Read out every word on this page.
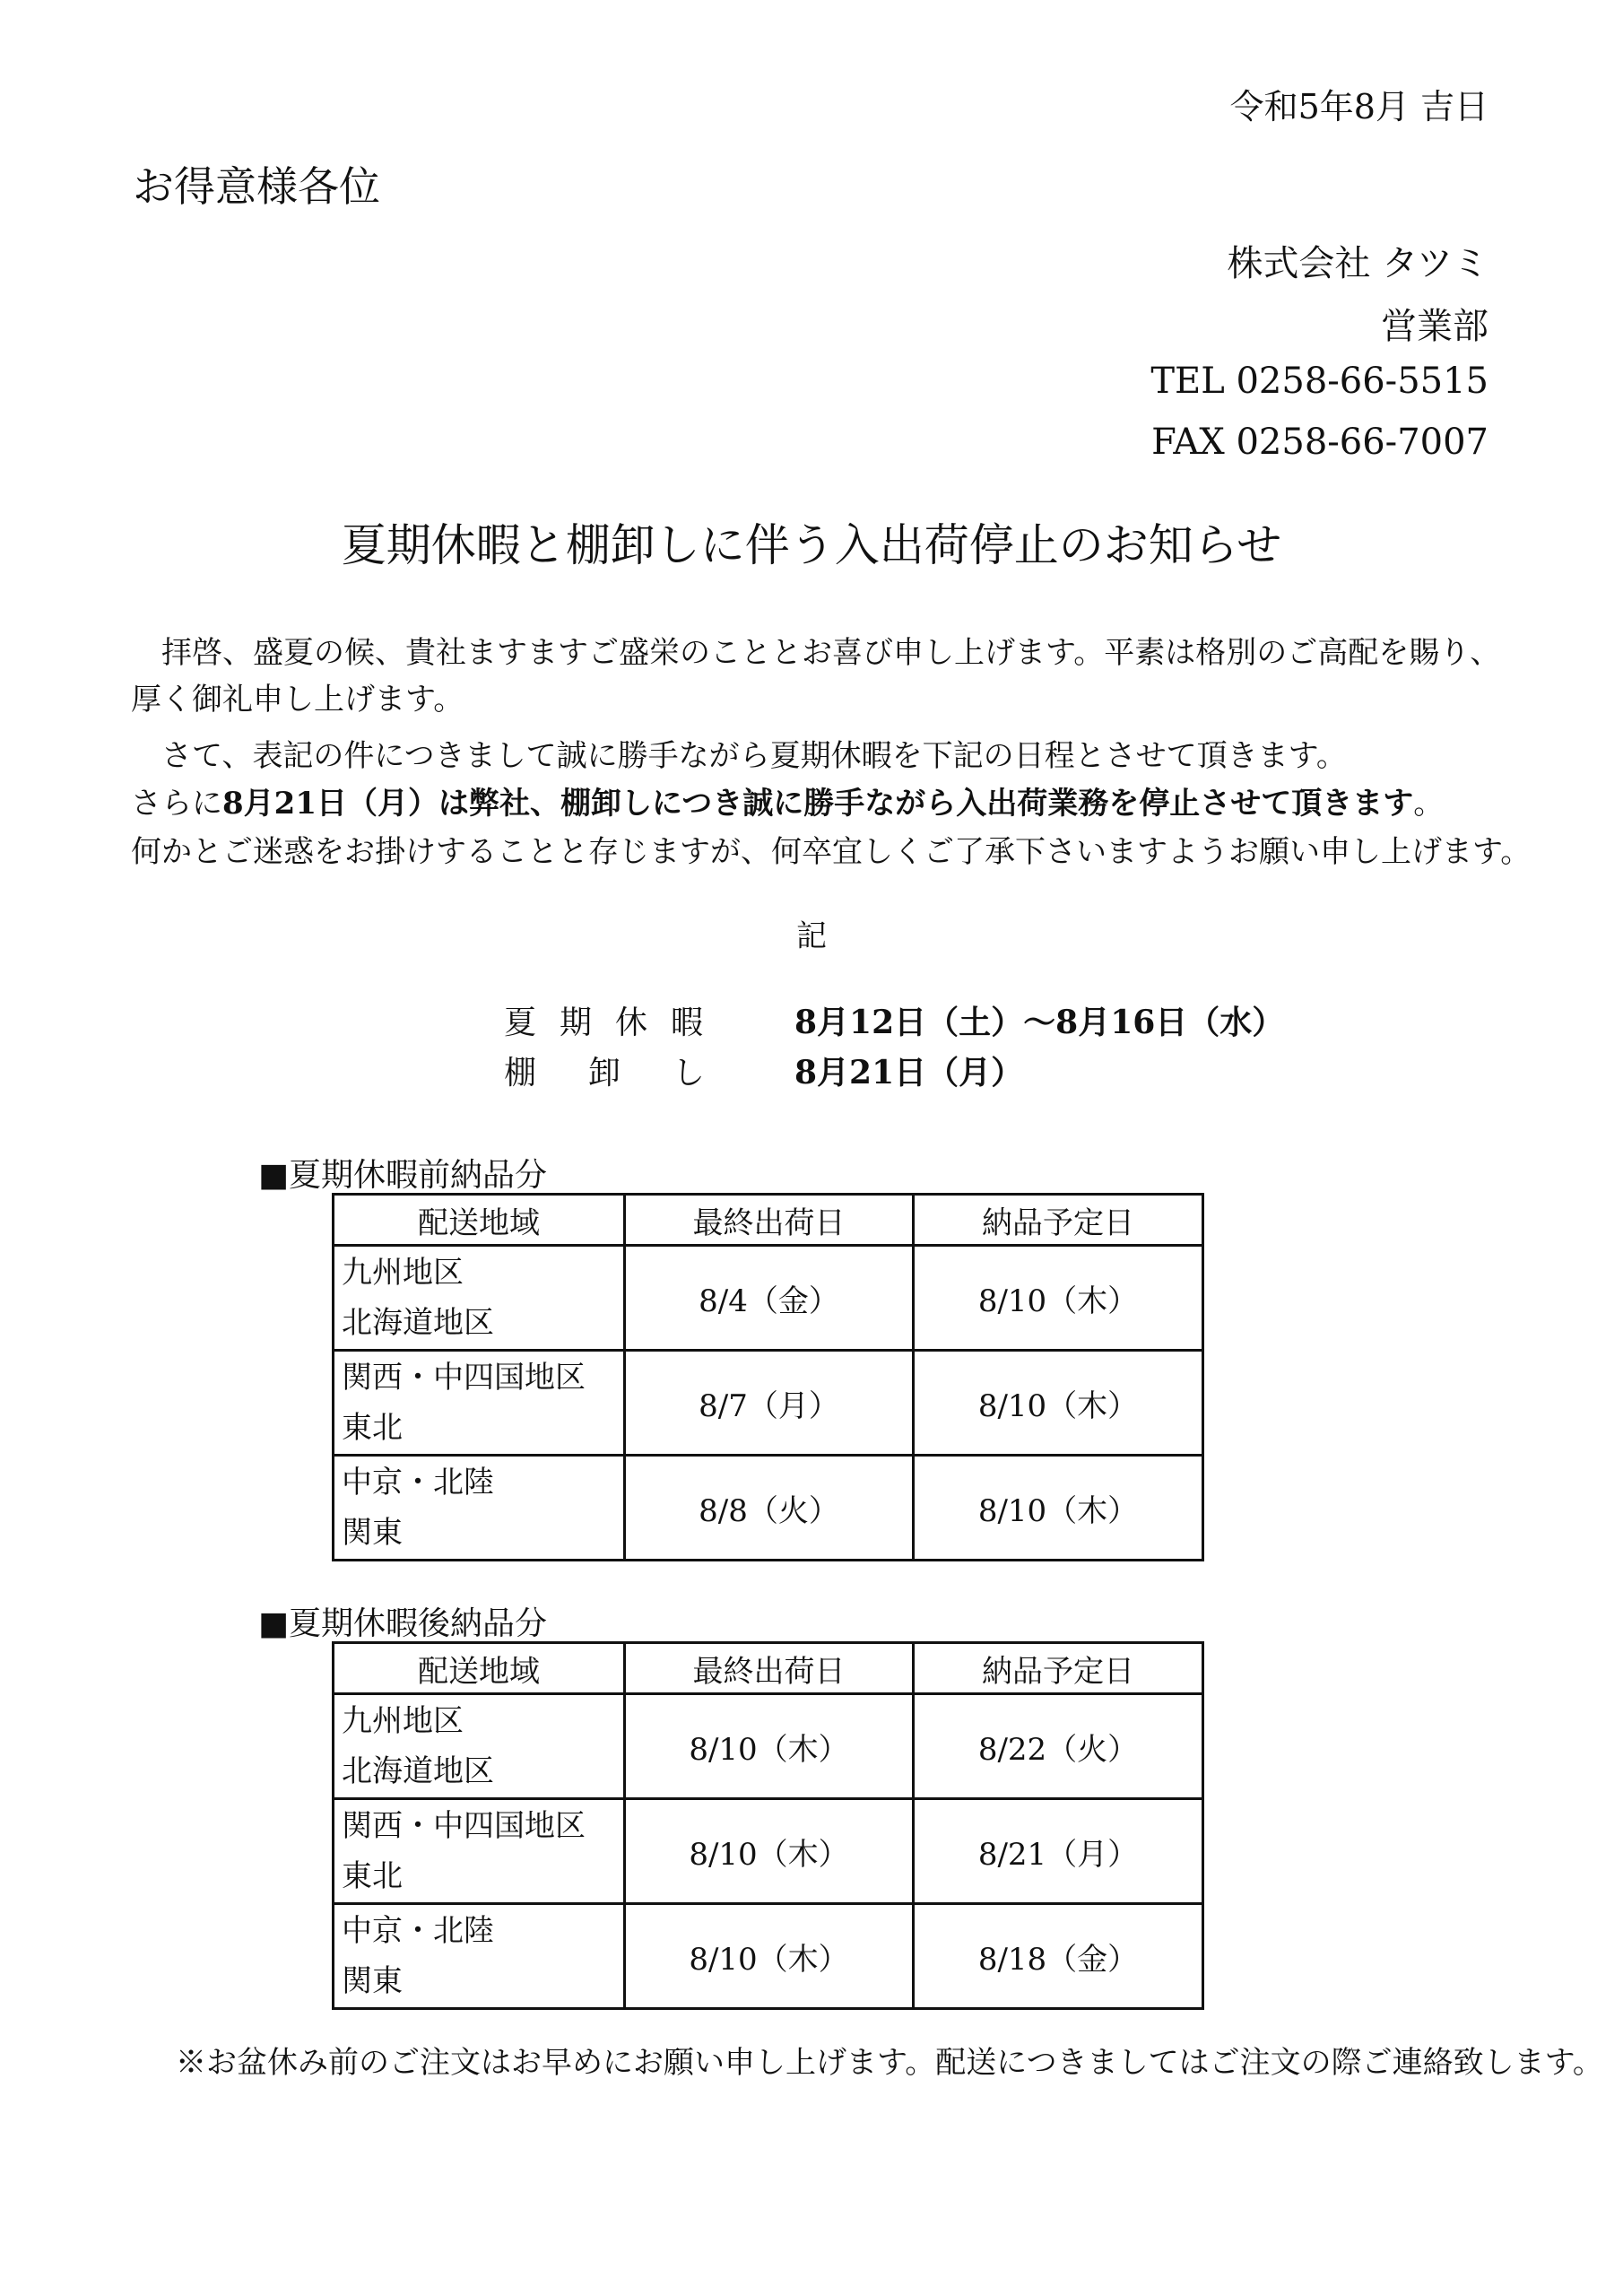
令和5年8月 吉日
お得意様各位
株式会社 タツミ
営業部
TEL 0258-66-5515
FAX 0258-66-7007
夏期休暇と棚卸しに伴う入出荷停止のお知らせ
　拝啓、盛夏の候、貴社ますますご盛栄のこととお喜び申し上げます。平素は格別のご高配を賜り、
厚く御礼申し上げます。
　さて、表記の件につきまして誠に勝手ながら夏期休暇を下記の日程とさせて頂きます。
さらに8月21日（月）は弊社、棚卸しにつき誠に勝手ながら入出荷業務を停止させて頂きます。
何かとご迷惑をお掛けすることと存じますが、何卒宜しくご了承下さいますようお願い申し上げます。
記
夏期休暇 8月12日（土）～8月16日（水）
棚卸し 8月21日（月）
■夏期休暇前納品分
配送地域	最終出荷日	納品予定日

九州地区
北海道地区	8/4（金）	8/10（木）

関西・中四国地区
東北	8/7（月）	8/10（木）

中京・北陸
関東	8/8（火）	8/10（木）
■夏期休暇後納品分
配送地域	最終出荷日	納品予定日

九州地区
北海道地区	8/10（木）	8/22（火）

関西・中四国地区
東北	8/10（木）	8/21（月）

中京・北陸
関東	8/10（木）	8/18（金）
※お盆休み前のご注文はお早めにお願い申し上げます。配送につきましてはご注文の際ご連絡致します。
